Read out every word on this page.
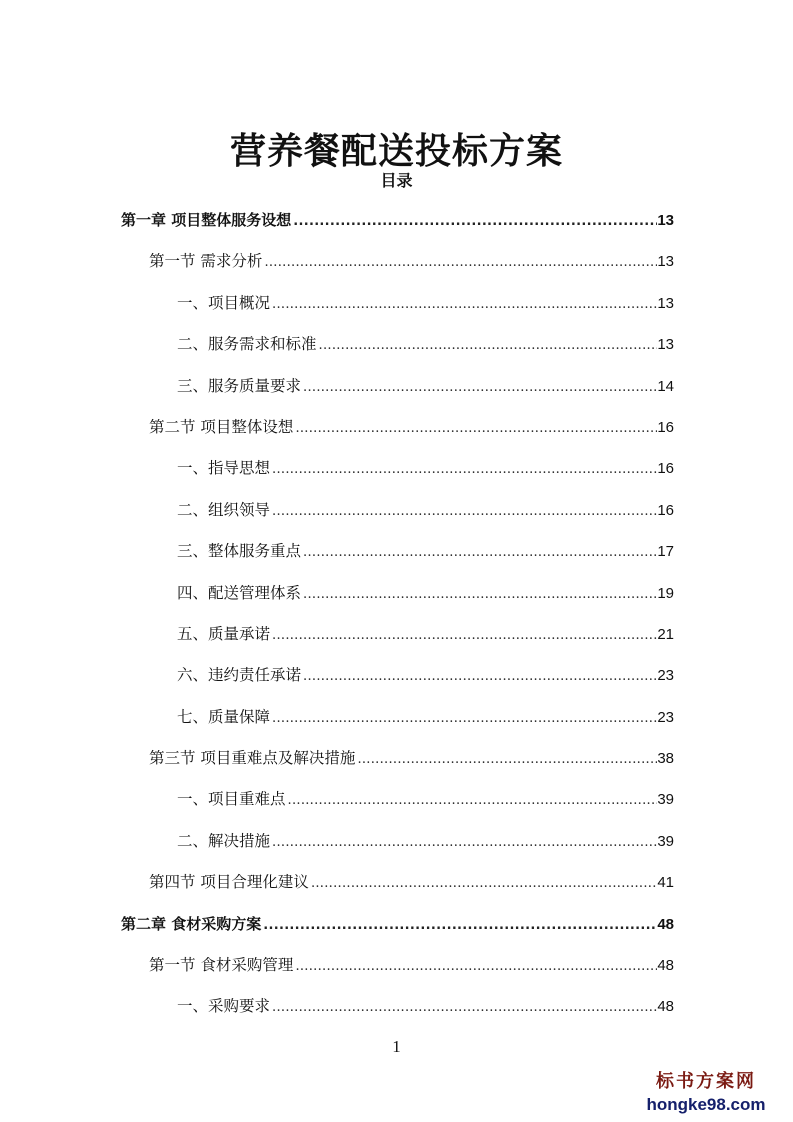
营养餐配送投标方案
目录
第一章 项目整体服务设想 .....	13
第一节 需求分析 .....	13
一、项目概况 .....	13
二、服务需求和标准 .....	13
三、服务质量要求 .....	14
第二节 项目整体设想 .....	16
一、指导思想 .....	16
二、组织领导 .....	16
三、整体服务重点 .....	17
四、配送管理体系 .....	19
五、质量承诺 .....	21
六、违约责任承诺 .....	23
七、质量保障 .....	23
第三节 项目重难点及解决措施 .....	38
一、项目重难点 .....	39
二、解决措施 .....	39
第四节 项目合理化建议 .....	41
第二章 食材采购方案 .....	48
第一节 食材采购管理 .....	48
一、采购要求 .....	48
1
标书方案网
hongke98.com
